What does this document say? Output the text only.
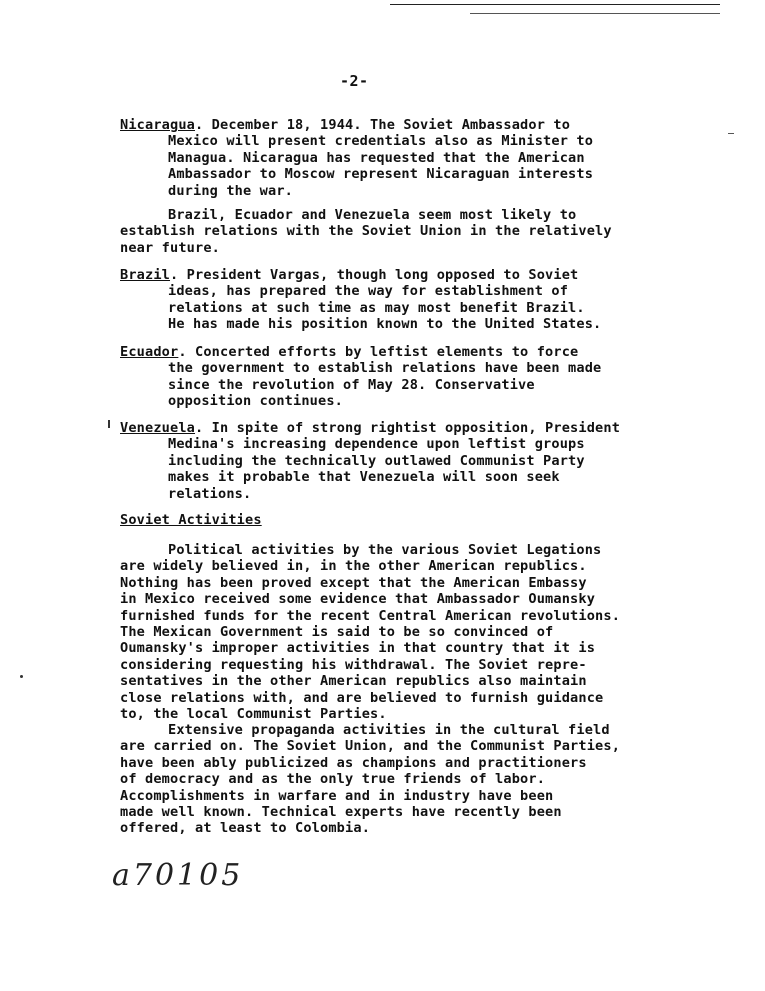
-2-
Nicaragua. December 18, 1944. The Soviet Ambassador to
Mexico will present credentials also as Minister to
Managua. Nicaragua has requested that the American
Ambassador to Moscow represent Nicaraguan interests
during the war.
Brazil, Ecuador and Venezuela seem most likely to
establish relations with the Soviet Union in the relatively
near future.
Brazil. President Vargas, though long opposed to Soviet
ideas, has prepared the way for establishment of
relations at such time as may most benefit Brazil.
He has made his position known to the United States.
Ecuador. Concerted efforts by leftist elements to force
the government to establish relations have been made
since the revolution of May 28. Conservative
opposition continues.
Venezuela. In spite of strong rightist opposition, President
Medina's increasing dependence upon leftist groups
including the technically outlawed Communist Party
makes it probable that Venezuela will soon seek
relations.
Soviet Activities
Political activities by the various Soviet Legations
are widely believed in, in the other American republics.
Nothing has been proved except that the American Embassy
in Mexico received some evidence that Ambassador Oumansky
furnished funds for the recent Central American revolutions.
The Mexican Government is said to be so convinced of
Oumansky's improper activities in that country that it is
considering requesting his withdrawal. The Soviet repre-
sentatives in the other American republics also maintain
close relations with, and are believed to furnish guidance
to, the local Communist Parties.
Extensive propaganda activities in the cultural field
are carried on. The Soviet Union, and the Communist Parties,
have been ably publicized as champions and practitioners
of democracy and as the only true friends of labor.
Accomplishments in warfare and in industry have been
made well known. Technical experts have recently been
offered, at least to Colombia.
a70105
